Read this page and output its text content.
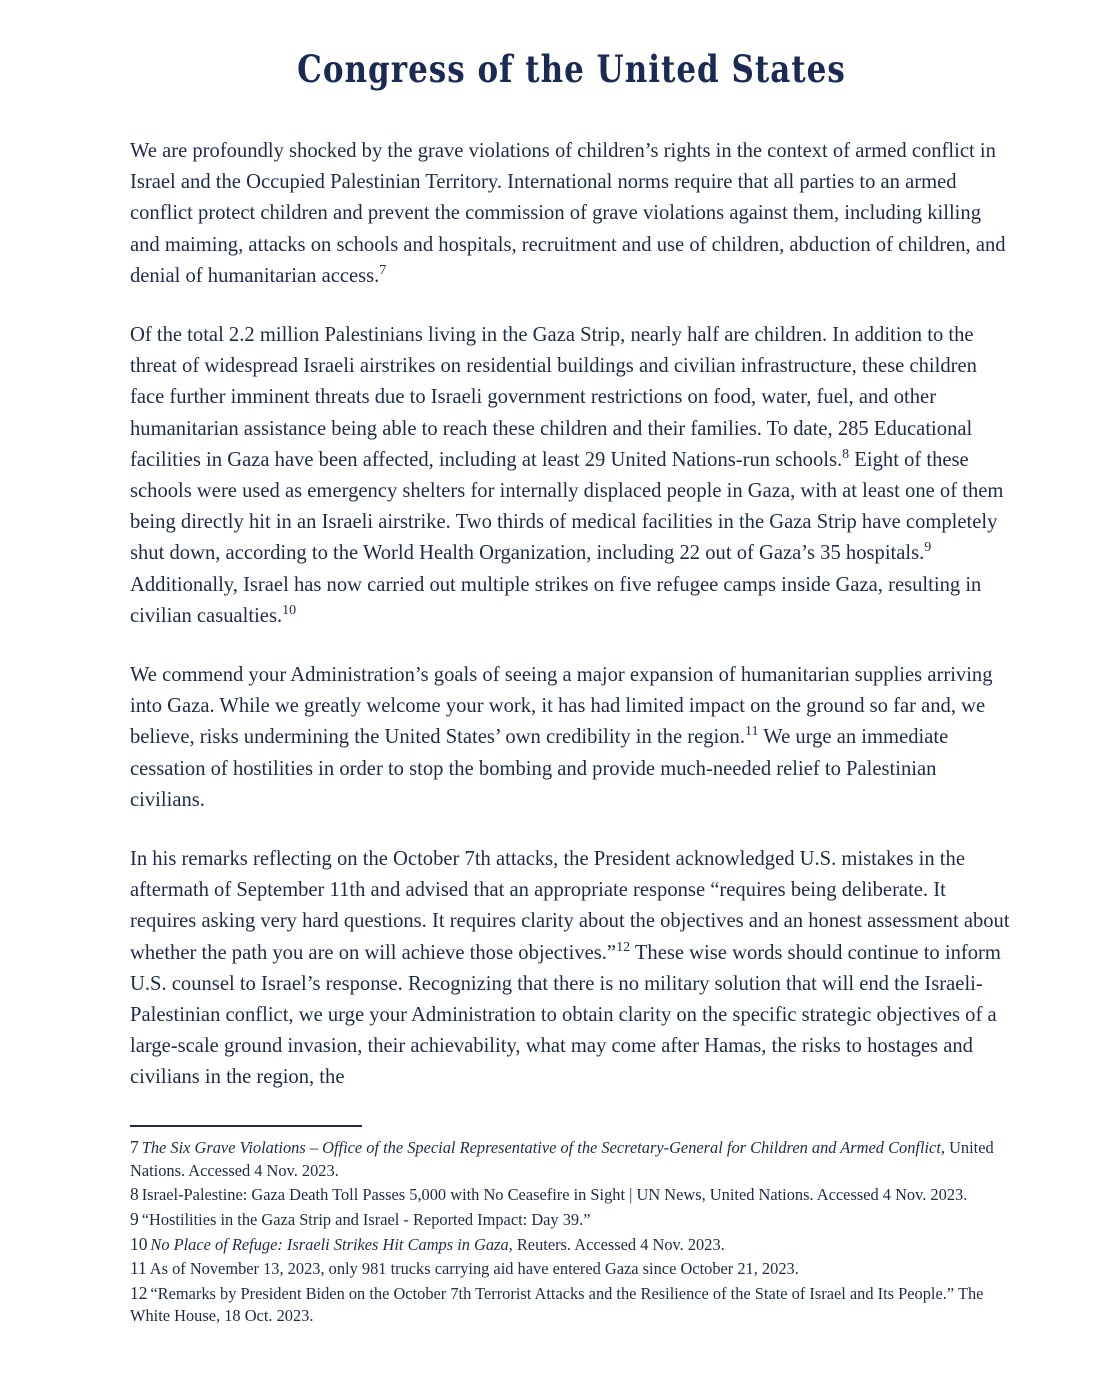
Congress of the United States

We are profoundly shocked by the grave violations of children’s rights in the context of armed conflict in Israel and the Occupied Palestinian Territory. International norms require that all parties to an armed conflict protect children and prevent the commission of grave violations against them, including killing and maiming, attacks on schools and hospitals, recruitment and use of children, abduction of children, and denial of humanitarian access.$^7$

Of the total 2.2 million Palestinians living in the Gaza Strip, nearly half are children. In addition to the threat of widespread Israeli airstrikes on residential buildings and civilian infrastructure, these children face further imminent threats due to Israeli government restrictions on food, water, fuel, and other humanitarian assistance being able to reach these children and their families. To date, 285 Educational facilities in Gaza have been affected, including at least 29 United Nations-run schools.$^8$ Eight of these schools were used as emergency shelters for internally displaced people in Gaza, with at least one of them being directly hit in an Israeli airstrike. Two thirds of medical facilities in the Gaza Strip have completely shut down, according to the World Health Organization, including 22 out of Gaza’s 35 hospitals.$^9$ Additionally, Israel has now carried out multiple strikes on five refugee camps inside Gaza, resulting in civilian casualties.$^{10}$

We commend your Administration’s goals of seeing a major expansion of humanitarian supplies arriving into Gaza. While we greatly welcome your work, it has had limited impact on the ground so far and, we believe, risks undermining the United States’ own credibility in the region.$^{11}$ We urge an immediate cessation of hostilities in order to stop the bombing and provide much-needed relief to Palestinian civilians.

In his remarks reflecting on the October 7th attacks, the President acknowledged U.S. mistakes in the aftermath of September 11th and advised that an appropriate response “requires being deliberate. It requires asking very hard questions. It requires clarity about the objectives and an honest assessment about whether the path you are on will achieve those objectives.”$^{12}$ These wise words should continue to inform U.S. counsel to Israel’s response. Recognizing that there is no military solution that will end the Israeli-Palestinian conflict, we urge your Administration to obtain clarity on the specific strategic objectives of a large-scale ground invasion, their achievability, what may come after Hamas, the risks to hostages and civilians in the region, the

7 The Six Grave Violations – Office of the Special Representative of the Secretary-General for Children and Armed Conflict, United Nations. Accessed 4 Nov. 2023.
8 Israel-Palestine: Gaza Death Toll Passes 5,000 with No Ceasefire in Sight | UN News, United Nations. Accessed 4 Nov. 2023.
9 “Hostilities in the Gaza Strip and Israel - Reported Impact: Day 39.”
10 No Place of Refuge: Israeli Strikes Hit Camps in Gaza, Reuters. Accessed 4 Nov. 2023.
11 As of November 13, 2023, only 981 trucks carrying aid have entered Gaza since October 21, 2023.
12 “Remarks by President Biden on the October 7th Terrorist Attacks and the Resilience of the State of Israel and Its People.” The White House, 18 Oct. 2023.
